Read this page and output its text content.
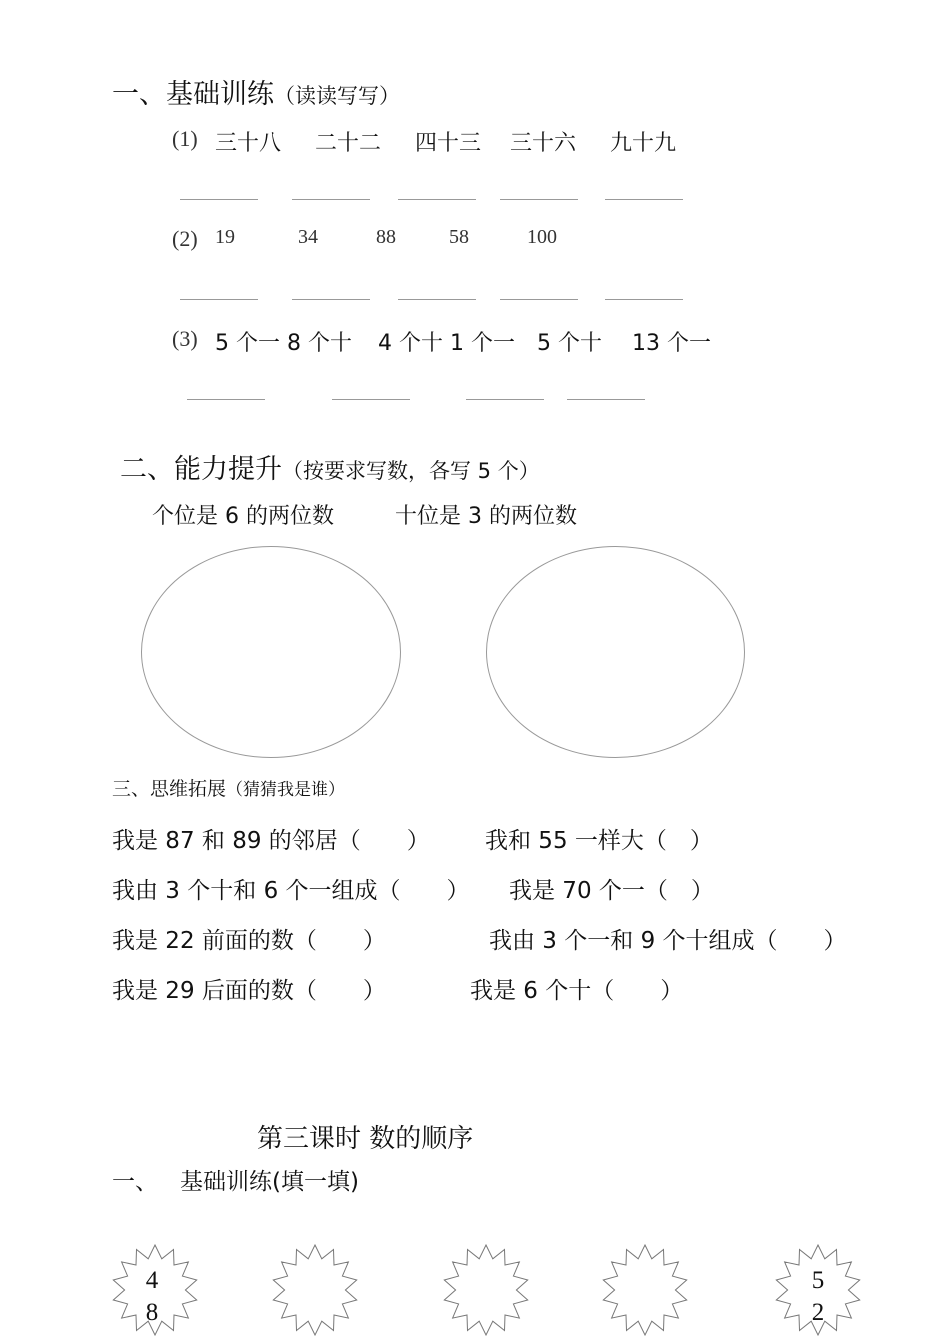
一、基础训练（读读写写）
(1) 三十八 二十二 四十三 三十六 九十九
(2) 19	34	88	58	100
(3) 5 个一 8 个十 4 个十 1 个一 5 个十 13 个一
二、能力提升（按要求写数，各写 5 个）
个位是 6 的两位数	十位是 3 的两位数
三、思维拓展（猜猜我是谁）
我是 87 和 89 的邻居（　　） 我和 55 一样大（　）
我由 3 个十和 6 个一组成（　　） 我是 70 个一（　）
我是 22 前面的数（　　）	我由 3 个一和 9 个十组成（　　）
我是 29 后面的数（　　）	我是 6 个十（　　）
第三课时 数的顺序
一、 基础训练(填一填)
4
8
5
2
